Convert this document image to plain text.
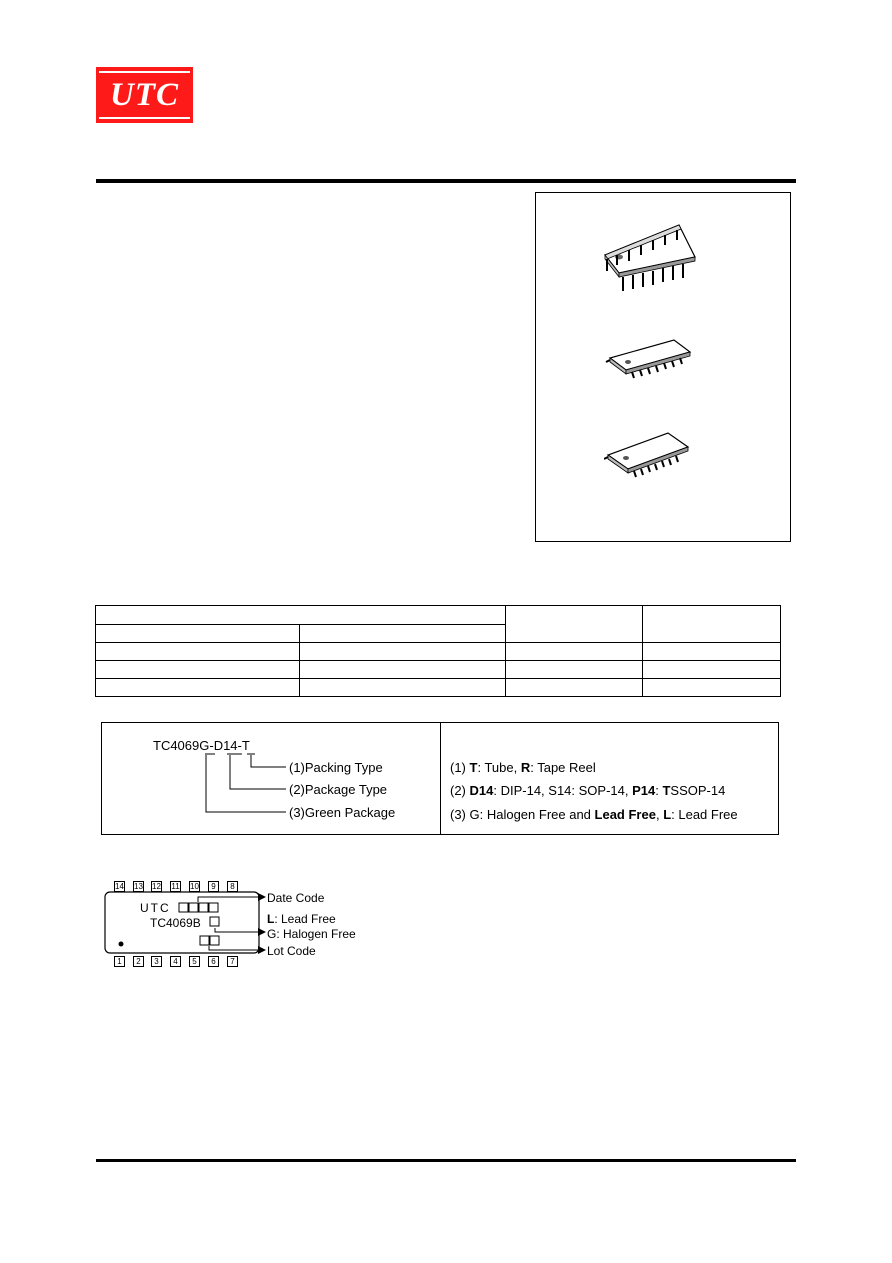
UTC

TC4069G-D14-T
(1)Packing Type
(2)Package Type
(3)Green Package
(1) T: Tube, R: Tape Reel
(2) D14: DIP-14, S14: SOP-14, P14: TSSOP-14
(3) G: Halogen Free and Lead Free, L: Lead Free
14 13 12 11 10	9	8
1	2	3	4	5	6	7
UTC
TC4069B
Date Code
L: Lead Free
G: Halogen Free
Lot Code
